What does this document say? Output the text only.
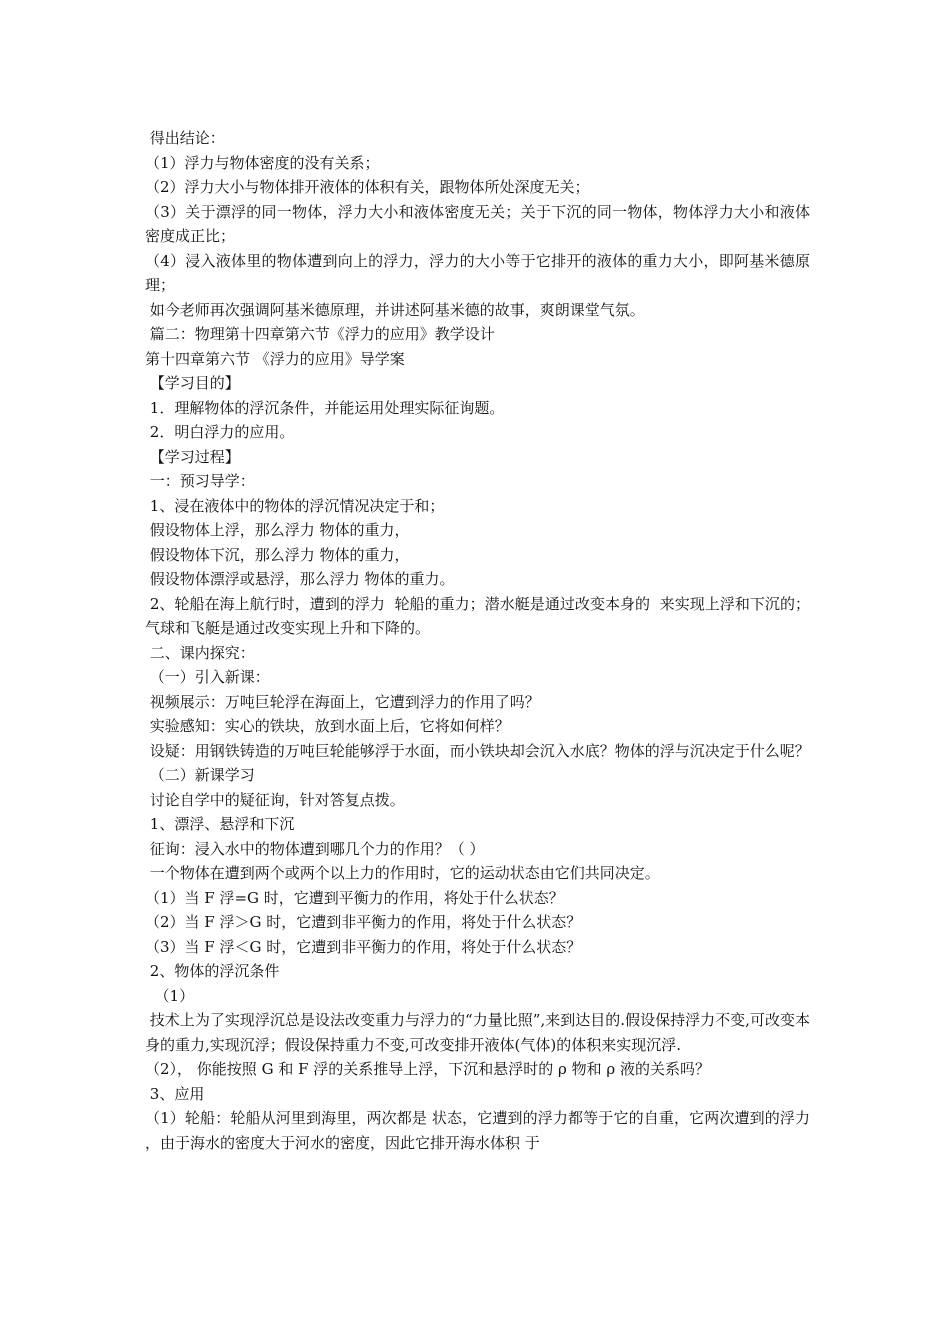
得出结论：
（1）浮力与物体密度的没有关系；
（2）浮力大小与物体排开液体的体积有关，跟物体所处深度无关；
（3）关于漂浮的同一物体，浮力大小和液体密度无关；关于下沉的同一物体，物体浮力大小和液体密度成正比；
（4）浸入液体里的物体遭到向上的浮力，浮力的大小等于它排开的液体的重力大小，即阿基米德原理；
如今老师再次强调阿基米德原理，并讲述阿基米德的故事，爽朗课堂气氛。
篇二：物理第十四章第六节《浮力的应用》教学设计
第十四章第六节 《浮力的应用》导学案
【学习目的】
1．理解物体的浮沉条件，并能运用处理实际征询题。
2．明白浮力的应用。
【学习过程】
一：预习导学：
1、浸在液体中的物体的浮沉情况决定于和；
假设物体上浮，那么浮力 物体的重力，
假设物体下沉，那么浮力 物体的重力，
假设物体漂浮或悬浮，那么浮力 物体的重力。
2、轮船在海上航行时，遭到的浮力  轮船的重力；潜水艇是通过改变本身的  来实现上浮和下沉的；气球和飞艇是通过改变实现上升和下降的。
二、课内探究：
（一）引入新课：
视频展示：万吨巨轮浮在海面上，它遭到浮力的作用了吗？
实验感知：实心的铁块，放到水面上后，它将如何样？
设疑：用钢铁铸造的万吨巨轮能够浮于水面，而小铁块却会沉入水底？物体的浮与沉决定于什么呢？
（二）新课学习
讨论自学中的疑征询，针对答复点拨。
1、漂浮、悬浮和下沉
征询：浸入水中的物体遭到哪几个力的作用？（ ）
一个物体在遭到两个或两个以上力的作用时，它的运动状态由它们共同决定。
（1）当 F 浮=G 时，它遭到平衡力的作用，将处于什么状态？
（2）当 F 浮＞G 时，它遭到非平衡力的作用，将处于什么状态？
（3）当 F 浮＜G 时，它遭到非平衡力的作用，将处于什么状态？
2、物体的浮沉条件
（1）
技术上为了实现浮沉总是设法改变重力与浮力的“力量比照”,来到达目的.假设保持浮力不变,可改变本身的重力,实现沉浮；假设保持重力不变,可改变排开液体(气体)的体积来实现沉浮.
（2）， 你能按照 G 和 F 浮的关系推导上浮，下沉和悬浮时的 ρ 物和 ρ 液的关系吗？
3、应用
（1）轮船：轮船从河里到海里，两次都是 状态，它遭到的浮力都等于它的自重，它两次遭到的浮力 ，由于海水的密度大于河水的密度，因此它排开海水体积 于
